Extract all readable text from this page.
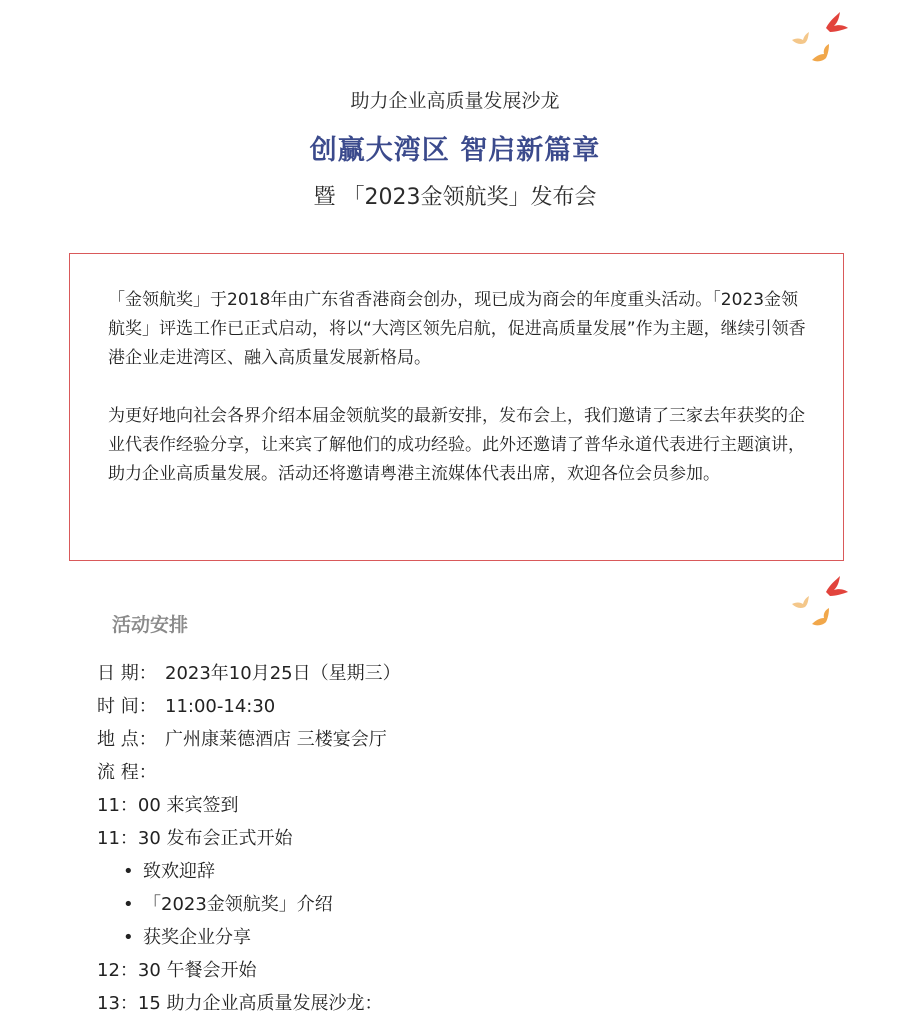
助力企业高质量发展沙龙
创赢大湾区 智启新篇章
暨 「2023金领航奖」发布会

「金领航奖」于2018年由广东省香港商会创办，现已成为商会的年度重头活动。「2023金领航奖」评选工作已正式启动，将以“大湾区领先启航，促进高质量发展”作为主题，继续引领香港企业走进湾区、融入高质量发展新格局。

为更好地向社会各界介绍本届金领航奖的最新安排，发布会上，我们邀请了三家去年获奖的企业代表作经验分享，让来宾了解他们的成功经验。此外还邀请了普华永道代表进行主题演讲，助力企业高质量发展。活动还将邀请粤港主流媒体代表出席，欢迎各位会员参加。

活动安排
日 期： 2023年10月25日（星期三）
时 间： 11:00-14:30
地 点： 广州康莱德酒店 三楼宴会厅
流 程：
11：00 来宾签到
11：30 发布会正式开始
• 致欢迎辞
• 「2023金领航奖」介绍
• 获奖企业分享
12：30 午餐会开始
13：15 助力企业高质量发展沙龙：
